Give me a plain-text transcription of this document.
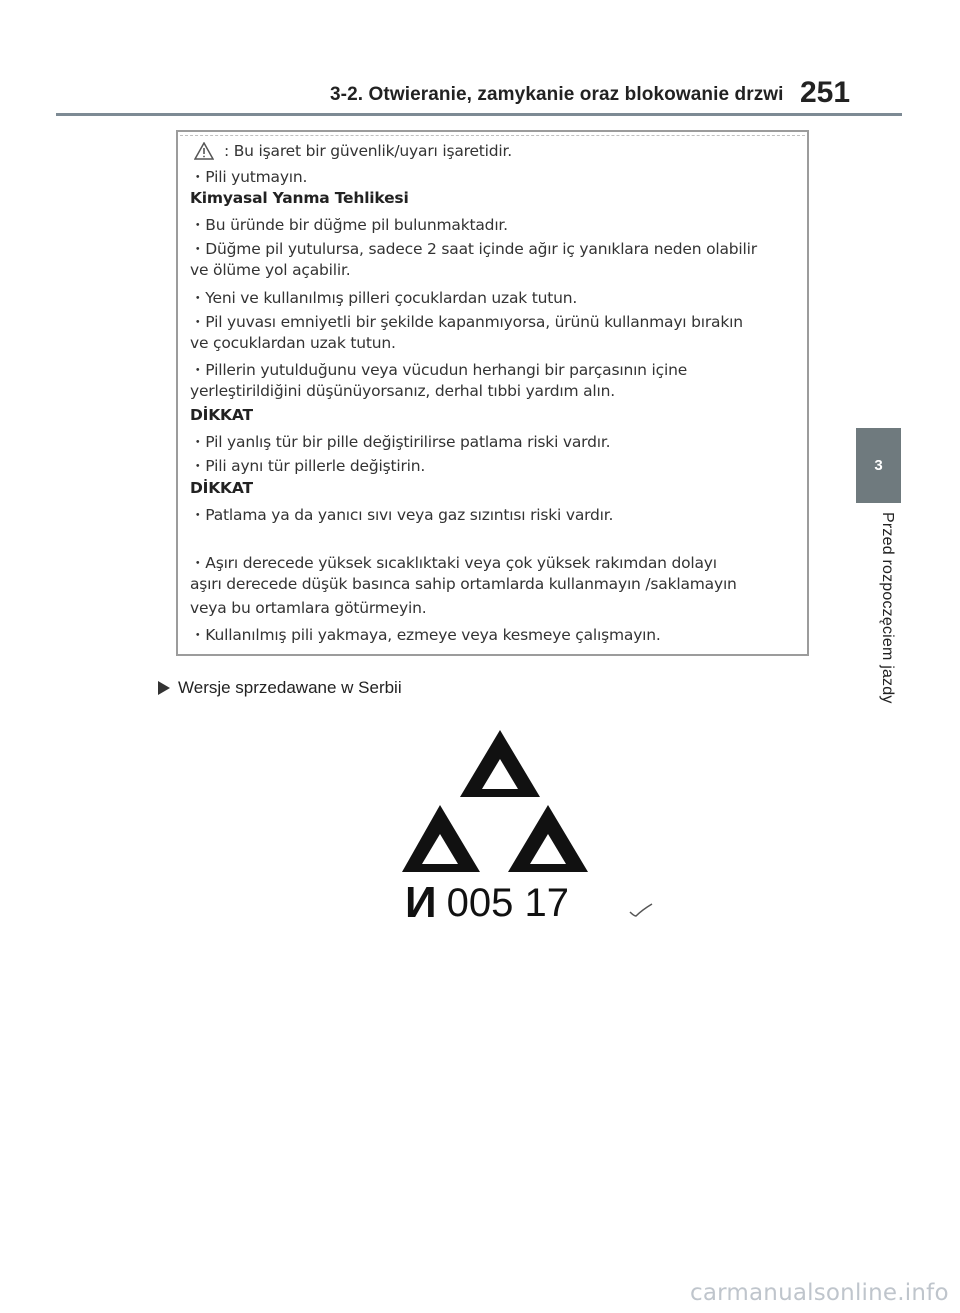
3-2. Otwieranie, zamykanie oraz blokowanie drzwi 251
3
Przed rozpoczęciem jazdy
: Bu işaret bir güvenlik/uyarı işaretidir.
・Pili yutmayın.
Kimyasal Yanma Tehlikesi
・Bu üründe bir düğme pil bulunmaktadır.
・Düğme pil yutulursa, sadece 2 saat içinde ağır iç yanıklara neden olabilir
ve ölüme yol açabilir.
・Yeni ve kullanılmış pilleri çocuklardan uzak tutun.
・Pil yuvası emniyetli bir şekilde kapanmıyorsa, ürünü kullanmayı bırakın
ve çocuklardan uzak tutun.
・Pillerin yutulduğunu veya vücudun herhangi bir parçasının içine
yerleştirildiğini düşünüyorsanız, derhal tıbbi yardım alın.
DİKKAT
・Pil yanlış tür bir pille değiştirilirse patlama riski vardır.
・Pili aynı tür pillerle değiştirin.
DİKKAT
・Patlama ya da yanıcı sıvı veya gaz sızıntısı riski vardır.
・Aşırı derecede yüksek sıcaklıktaki veya çok yüksek rakımdan dolayı
aşırı derecede düşük basınca sahip ortamlarda kullanmayın /saklamayın
veya bu ortamlara götürmeyin.
・Kullanılmış pili yakmaya, ezmeye veya kesmeye çalışmayın.
Wersje sprzedawane w Serbii
И 005 17
carmanualsonline.info
